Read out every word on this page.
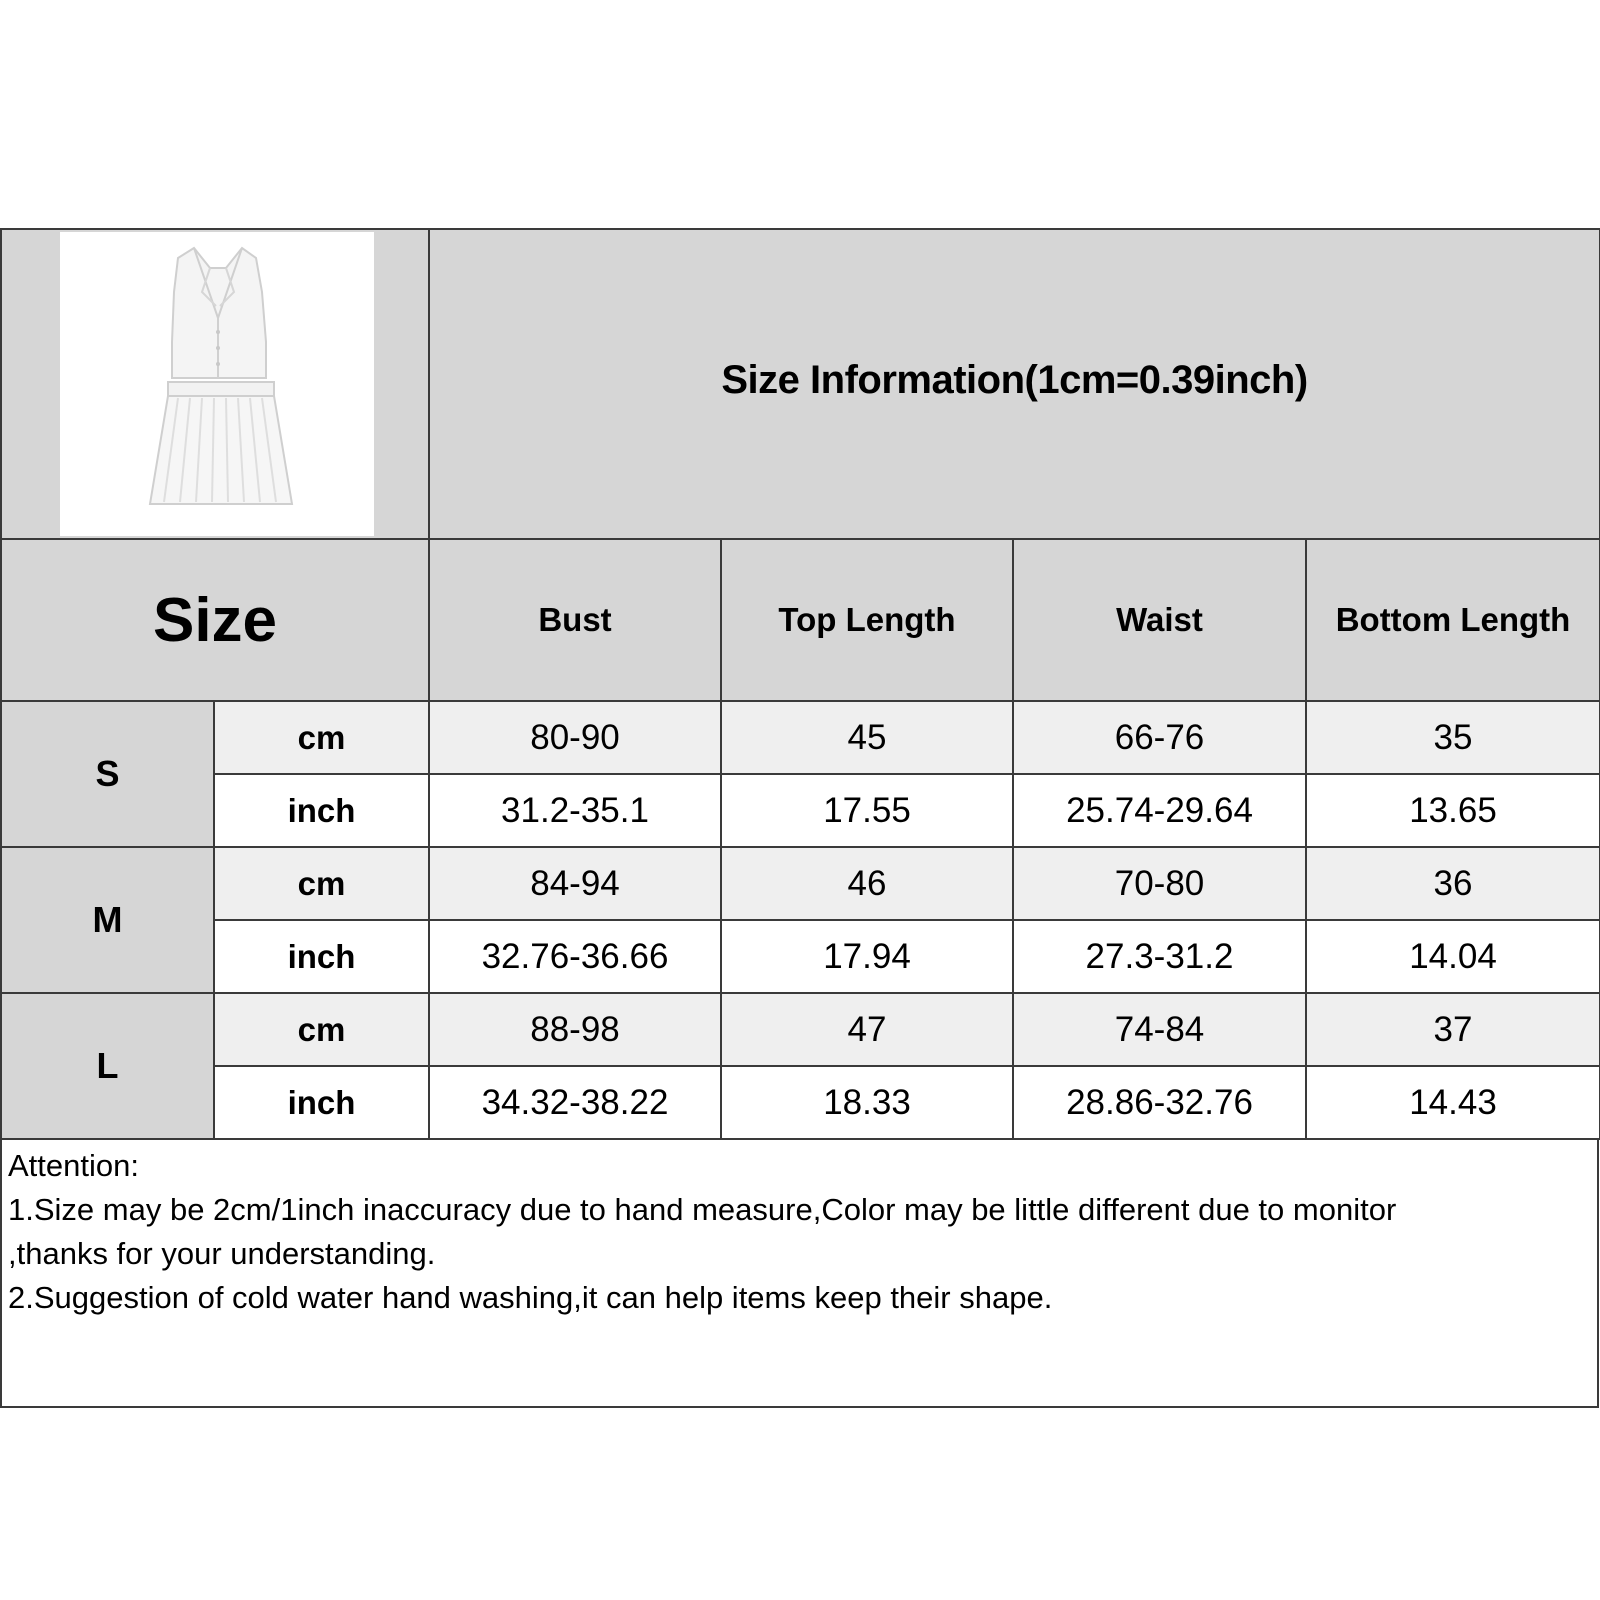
	Size Information(1cm=0.39inch)			
Size		Bust	Top Length	Waist	Bottom Length
S	cm	80-90	45	66-76	35
	inch	31.2-35.1	17.55	25.74-29.64	13.65
M	cm	84-94	46	70-80	36
	inch	32.76-36.66	17.94	27.3-31.2	14.04
L	cm	88-98	47	74-84	37
	inch	34.32-38.22	18.33	28.86-32.76	14.43
Attention:
1.Size may be 2cm/1inch inaccuracy due to hand measure,Color may be little different due to monitor
,thanks for your understanding.
2.Suggestion of cold water hand washing,it can help items keep their shape.
